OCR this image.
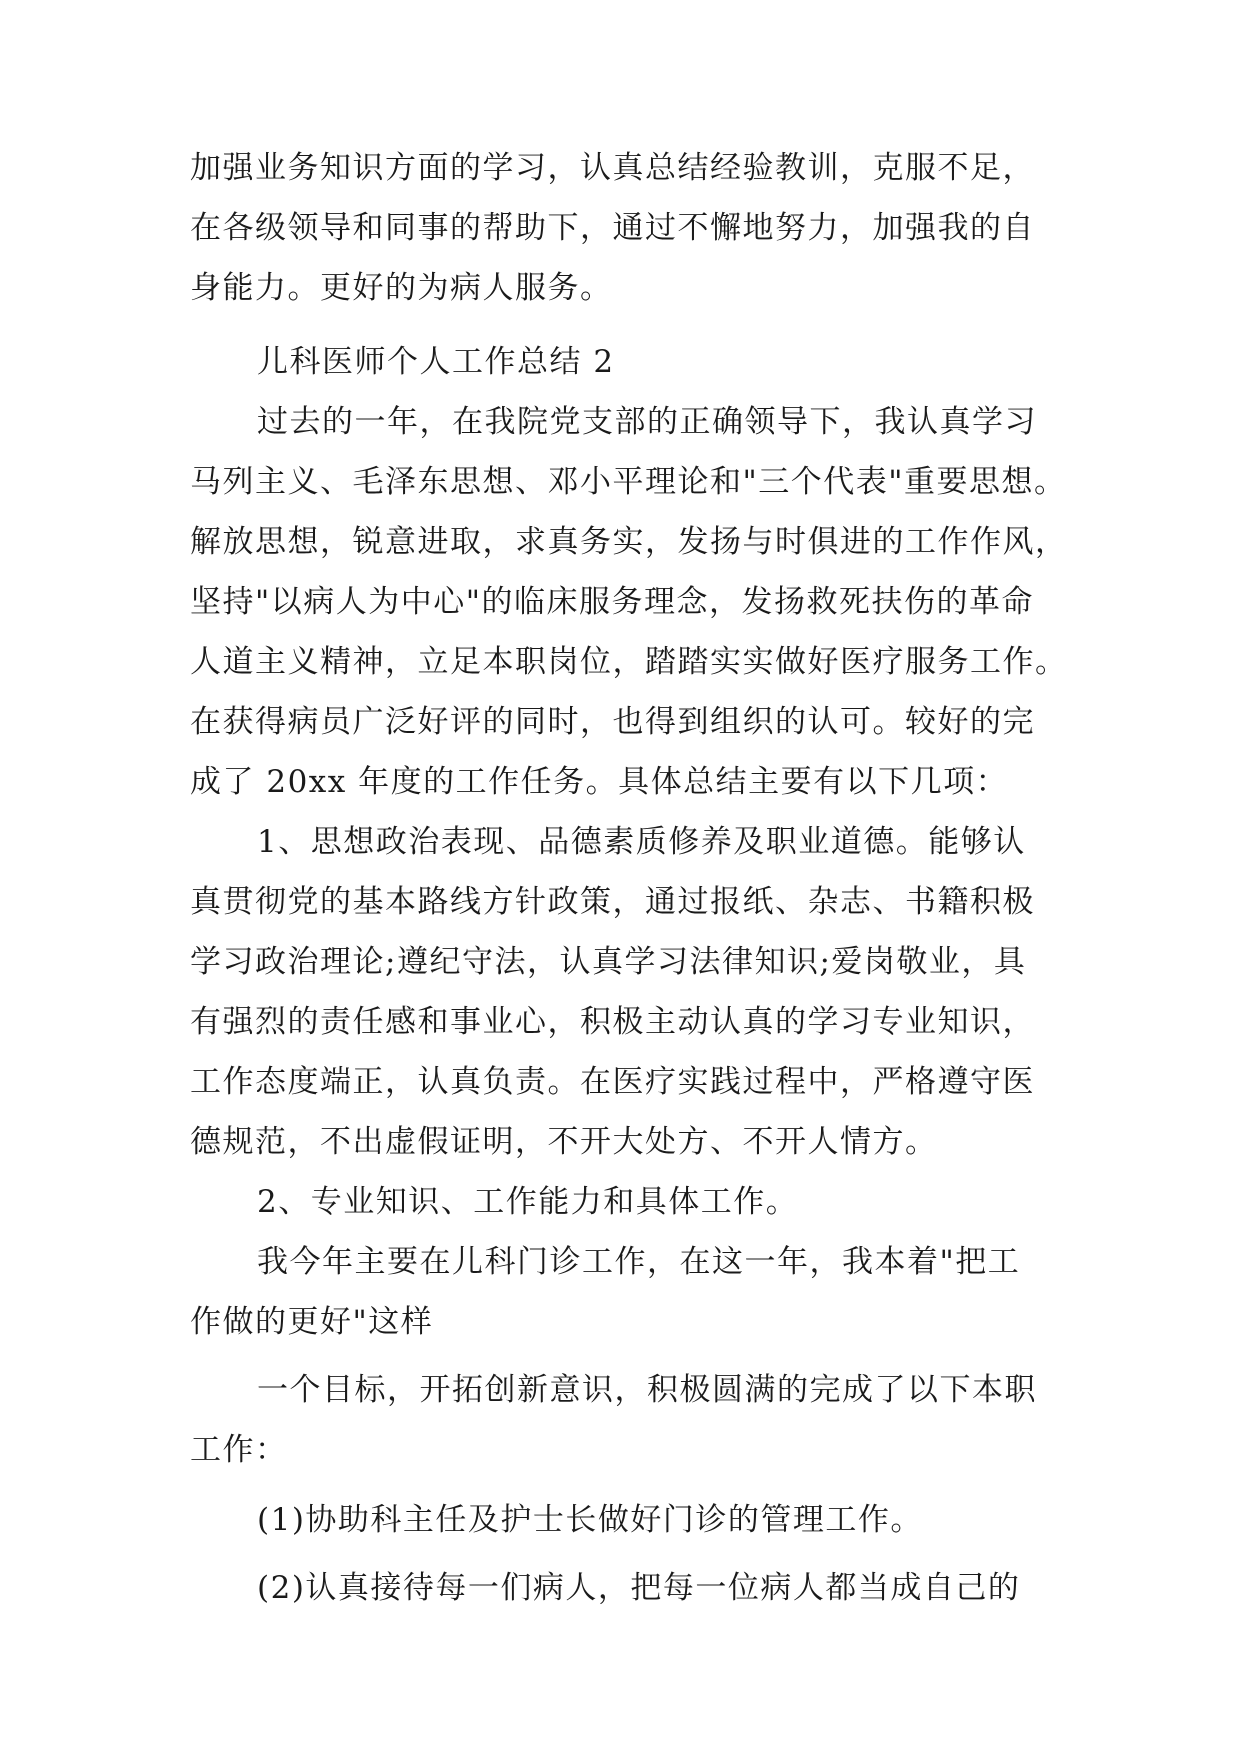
加强业务知识方面的学习，认真总结经验教训，克服不足，
在各级领导和同事的帮助下，通过不懈地努力，加强我的自
身能力。更好的为病人服务。
儿科医师个人工作总结 2
过去的一年，在我院党支部的正确领导下，我认真学习
马列主义、毛泽东思想、邓小平理论和"三个代表"重要思想。
解放思想，锐意进取，求真务实，发扬与时俱进的工作作风，
坚持"以病人为中心"的临床服务理念，发扬救死扶伤的革命
人道主义精神，立足本职岗位，踏踏实实做好医疗服务工作。
在获得病员广泛好评的同时，也得到组织的认可。较好的完
成了 20xx 年度的工作任务。具体总结主要有以下几项：
1、思想政治表现、品德素质修养及职业道德。能够认
真贯彻党的基本路线方针政策，通过报纸、杂志、书籍积极
学习政治理论;遵纪守法，认真学习法律知识;爱岗敬业，具
有强烈的责任感和事业心，积极主动认真的学习专业知识，
工作态度端正，认真负责。在医疗实践过程中，严格遵守医
德规范，不出虚假证明，不开大处方、不开人情方。
2、专业知识、工作能力和具体工作。
我今年主要在儿科门诊工作，在这一年，我本着"把工
作做的更好"这样
一个目标，开拓创新意识，积极圆满的完成了以下本职
工作：
(1)协助科主任及护士长做好门诊的管理工作。
(2)认真接待每一们病人，把每一位病人都当成自己的
